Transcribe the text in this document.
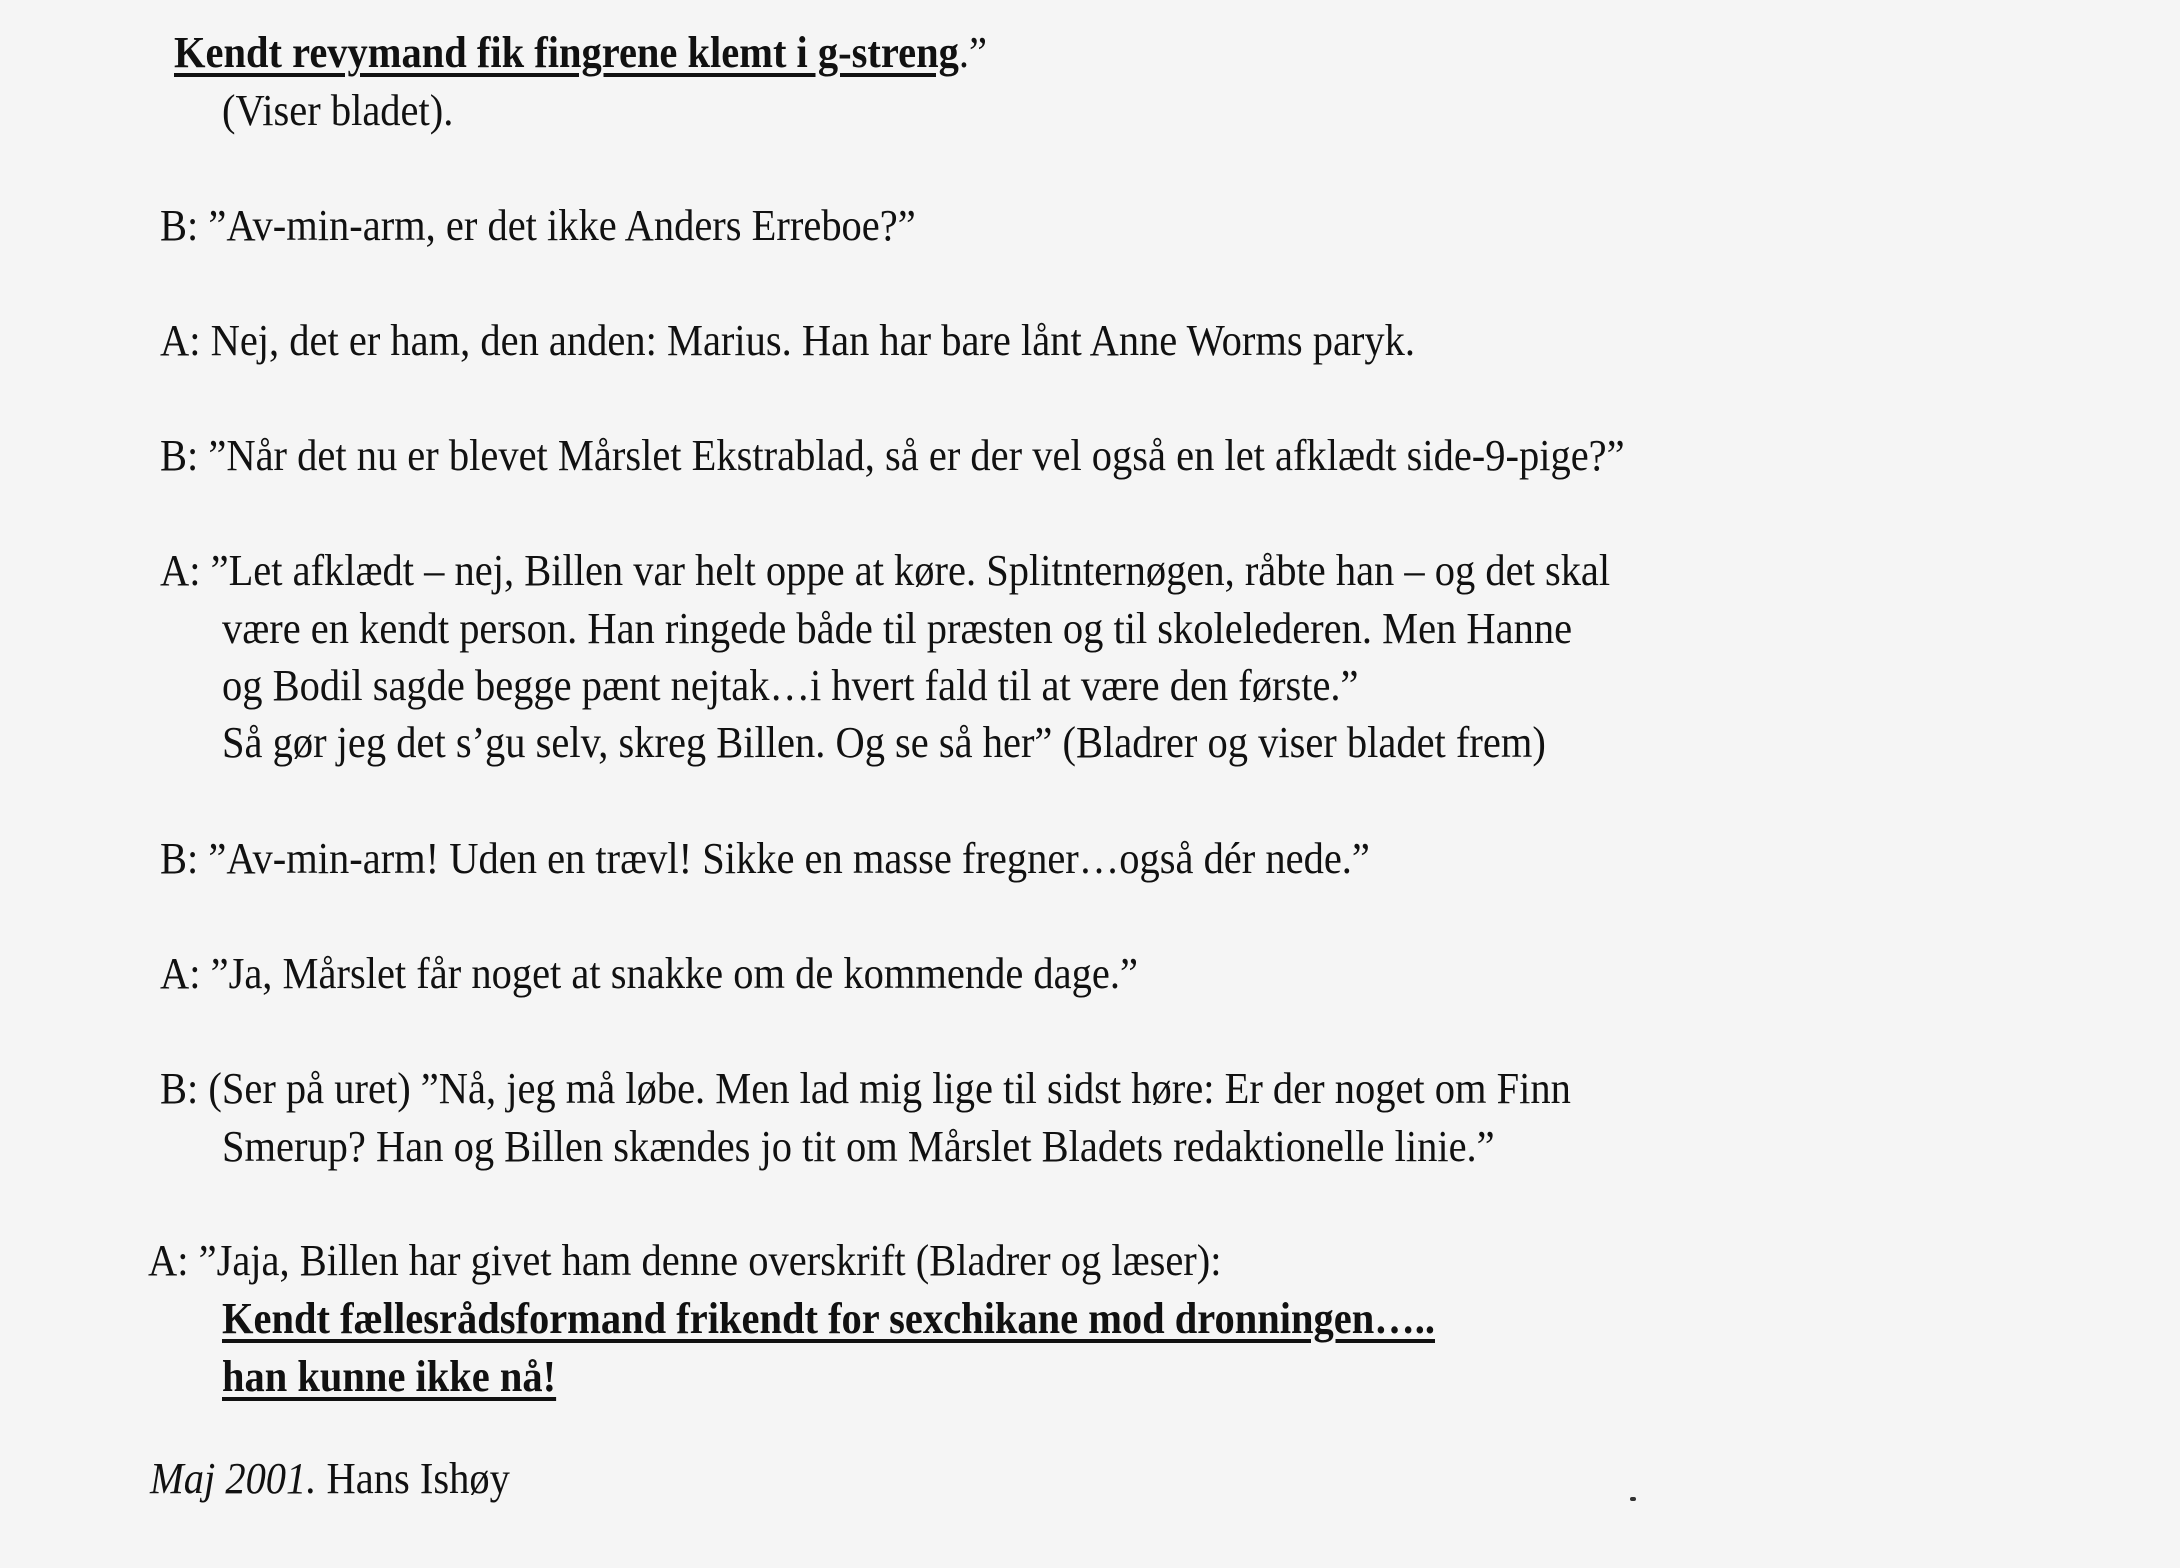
Kendt revymand fik fingrene klemt i g-streng.”
(Viser bladet).
B: ”Av-min-arm, er det ikke Anders Erreboe?”
A: Nej, det er ham, den anden: Marius. Han har bare lånt Anne Worms paryk.
B: ”Når det nu er blevet Mårslet Ekstrablad, så er der vel også en let afklædt side-9-pige?”
A: ”Let afklædt – nej, Billen var helt oppe at køre. Splitnternøgen, råbte han – og det skal
være en kendt person. Han ringede både til præsten og til skolelederen. Men Hanne
og Bodil sagde begge pænt nejtak…i hvert fald til at være den første.”
Så gør jeg det s’gu selv, skreg Billen. Og se så her” (Bladrer og viser bladet frem)
B: ”Av-min-arm! Uden en trævl! Sikke en masse fregner…også dér nede.”
A: ”Ja, Mårslet får noget at snakke om de kommende dage.”
B: (Ser på uret) ”Nå, jeg må løbe. Men lad mig lige til sidst høre: Er der noget om Finn
Smerup? Han og Billen skændes jo tit om Mårslet Bladets redaktionelle linie.”
A: ”Jaja, Billen har givet ham denne overskrift (Bladrer og læser):
Kendt fællesrådsformand frikendt for sexchikane mod dronningen…..
han kunne ikke nå!
Maj 2001. Hans Ishøy
